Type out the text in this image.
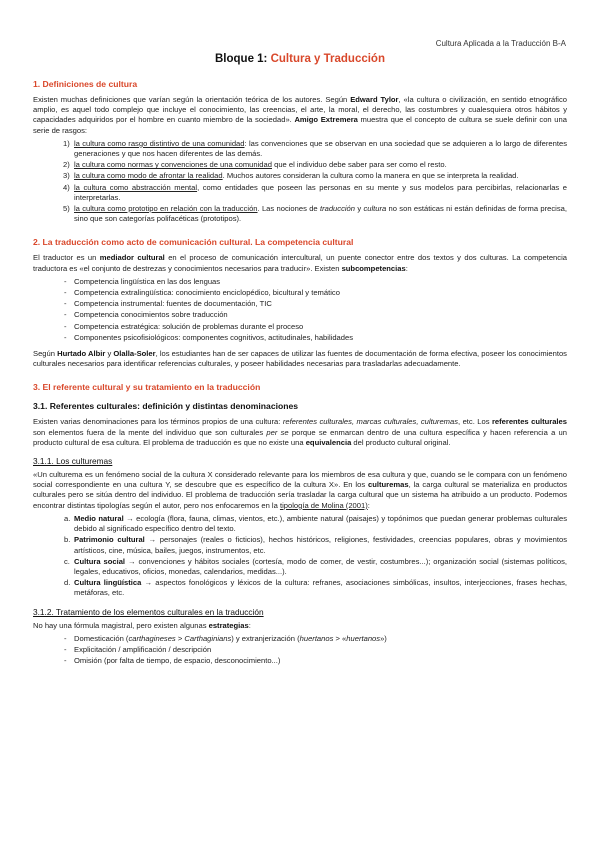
Cultura Aplicada a la Traducción B-A
Bloque 1: Cultura y Traducción
1. Definiciones de cultura

Existen muchas definiciones que varían según la orientación teórica de los autores. Según Edward Tylor, «la cultura o civilización, en sentido etnográfico amplio, es aquel todo complejo que incluye el conocimiento, las creencias, el arte, la moral, el derecho, las costumbres y cualesquiera otros hábitos y capacidades adquiridos por el hombre en cuanto miembro de la sociedad». Amigo Extremera muestra que el concepto de cultura se suele definir con una serie de rasgos:

1) la cultura como rasgo distintivo de una comunidad: las convenciones que se observan en una sociedad que se adquieren a lo largo de diferentes generaciones y que nos hacen diferentes de las demás.
2) la cultura como normas y convenciones de una comunidad que el individuo debe saber para ser como el resto.
3) la cultura como modo de afrontar la realidad. Muchos autores consideran la cultura como la manera en que se interpreta la realidad.
4) la cultura como abstracción mental, como entidades que poseen las personas en su mente y sus modelos para percibirlas, relacionarlas e interpretarlas.
5) la cultura como prototipo en relación con la traducción. Las nociones de traducción y cultura no son estáticas ni están definidas de forma precisa, sino que son categorías polifacéticas (prototipos).
2. La traducción como acto de comunicación cultural. La competencia cultural

El traductor es un mediador cultural en el proceso de comunicación intercultural, un puente conector entre dos textos y dos culturas. La competencia traductora es «el conjunto de destrezas y conocimientos necesarios para traducir». Existen subcompetencias:

- Competencia lingüística en las dos lenguas
- Competencia extralingüística: conocimiento enciclopédico, bicultural y temático
- Competencia instrumental: fuentes de documentación, TIC
- Competencia conocimientos sobre traducción
- Competencia estratégica: solución de problemas durante el proceso
- Componentes psicofisiológicos: componentes cognitivos, actitudinales, habilidades

Según Hurtado Albir y Olalla-Soler, los estudiantes han de ser capaces de utilizar las fuentes de documentación de forma efectiva, poseer los conocimientos culturales necesarios para identificar referencias culturales, y poseer habilidades necesarias para trasladarlas adecuadamente.

3. El referente cultural y su tratamiento en la traducción
3.1. Referentes culturales: definición y distintas denominaciones

Existen varias denominaciones para los términos propios de una cultura: referentes culturales, marcas culturales, culturemas, etc. Los referentes culturales son elementos fuera de la mente del individuo que son culturales per se porque se enmarcan dentro de una cultura específica y hacen referencia a un producto cultural de esa cultura. El problema de traducción es que no existe una equivalencia del producto cultural original.

3.1.1. Los culturemas

«Un culturema es un fenómeno social de la cultura X considerado relevante para los miembros de esa cultura y que, cuando se le compara con un fenómeno social correspondiente en una cultura Y, se descubre que es específico de la cultura X». En los culturemas, la carga cultural se materializa en productos culturales pero se sitúa dentro del individuo. El problema de traducción sería trasladar la carga cultural que un sistema ha atribuido a un producto. Podemos encontrar distintas tipologías según el autor, pero nos enfocaremos en la tipología de Molina (2001):

a. Medio natural → ecología (flora, fauna, climas, vientos, etc.), ambiente natural (paisajes) y topónimos que puedan generar problemas culturales debido al significado específico dentro del texto.
b. Patrimonio cultural → personajes (reales o ficticios), hechos históricos, religiones, festividades, creencias populares, obras y movimientos artísticos, cine, música, bailes, juegos, instrumentos, etc.
c. Cultura social → convenciones y hábitos sociales (cortesía, modo de comer, de vestir, costumbres...); organización social (sistemas políticos, legales, educativos, oficios, monedas, calendarios, medidas...).
d. Cultura lingüística → aspectos fonológicos y léxicos de la cultura: refranes, asociaciones simbólicas, insultos, interjecciones, frases hechas, metáforas, etc.
3.1.2. Tratamiento de los elementos culturales en la traducción

No hay una fórmula magistral, pero existen algunas estrategias:

- Domesticación (carthagineses > Carthaginians) y extranjerización (huertanos > «huertanos»)
- Explicitación / amplificación / descripción
- Omisión (por falta de tiempo, de espacio, desconocimiento...)
